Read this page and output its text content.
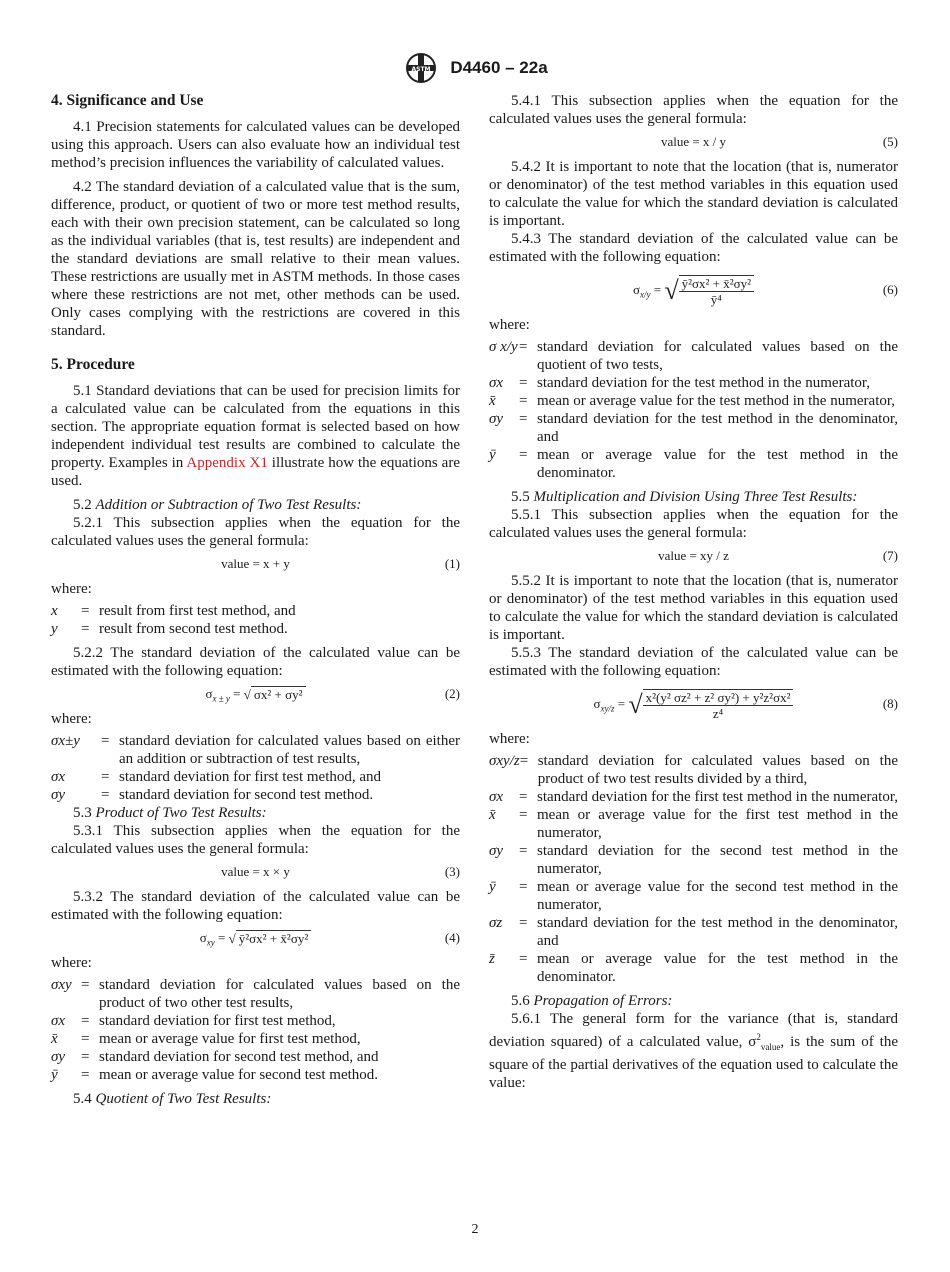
ASTM D4460 – 22a
4. Significance and Use

4.1 Precision statements for calculated values can be developed using this approach. Users can also evaluate how an individual test method’s precision influences the variability of calculated values.

4.2 The standard deviation of a calculated value that is the sum, difference, product, or quotient of two or more test method results, each with their own precision statement, can be calculated so long as the individual variables (that is, test results) are independent and the standard deviations are small relative to their mean values. These restrictions are usually met in ASTM methods. In those cases where these restrictions are not met, other methods can be used. Only cases complying with the restrictions are covered in this standard.

5. Procedure

5.1 Standard deviations that can be used for precision limits for a calculated value can be calculated from the equations in this section. The appropriate equation format is selected based on how independent individual test results are combined to calculate the property. Examples in Appendix X1 illustrate how the equations are used.

5.2 Addition or Subtraction of Two Test Results:

5.2.1 This subsection applies when the equation for the calculated values uses the general formula:

value = x + y	(1)
where:
x	=	result from first test method, and
y	=	result from second test method.

5.2.2 The standard deviation of the calculated value can be estimated with the following equation:

$\sigma_{x \pm y}$ = √ σx² + σy²	(2)
where:
σx±y	=	standard deviation for calculated values based on either an addition or subtraction of test results,
σx	=	standard deviation for first test method, and
σy	=	standard deviation for second test method.

5.3 Product of Two Test Results:

5.3.1 This subsection applies when the equation for the calculated values uses the general formula:

value = x × y	(3)

5.3.2 The standard deviation of the calculated value can be estimated with the following equation:

$\sigma_{xy}$ = √ ȳ²σx² + x̄²σy²	(4)
where:
σxy	=	standard deviation for calculated values based on the product of two other test results,
σx	=	standard deviation for first test method,
x̄	=	mean or average value for first test method,
σy	=	standard deviation for second test method, and
ȳ	=	mean or average value for second test method.

5.4 Quotient of Two Test Results:

5.4.1 This subsection applies when the equation for the calculated values uses the general formula:

value = x / y	(5)

5.4.2 It is important to note that the location (that is, numerator or denominator) of the test method variables in this equation used to calculate the value for which the standard deviation is calculated is important.

5.4.3 The standard deviation of the calculated value can be estimated with the following equation:

$\sigma_{x/y}$ = √ $\frac{\text{ȳ²σx² + x̄²σy²}}{\text{ȳ⁴}}$	(6)
where:
σ x/y	=	standard deviation for calculated values based on the quotient of two tests,
σx	=	standard deviation for the test method in the numerator,
x̄	=	mean or average value for the test method in the numerator,
σy	=	standard deviation for the test method in the denominator, and
ȳ	=	mean or average value for the test method in the denominator.

5.5 Multiplication and Division Using Three Test Results:

5.5.1 This subsection applies when the equation for the calculated values uses the general formula:

value = xy / z	(7)

5.5.2 It is important to note that the location (that is, numerator or denominator) of the test method variables in this equation used to calculate the value for which the standard deviation is calculated is important.

5.5.3 The standard deviation of the calculated value can be estimated with the following equation:

$\sigma_{xy/z}$ = √ $\frac{\text{x²(y² σz² + z² σy²) + y²z²σx²}}{\text{z⁴}}$	(8)
where:
σxy/z	=	standard deviation for calculated values based on the product of two test results divided by a third,
σx	=	standard deviation for the first test method in the numerator,
x̄	=	mean or average value for the first test method in the numerator,
σy	=	standard deviation for the second test method in the numerator,
ȳ	=	mean or average value for the second test method in the numerator,
σz	=	standard deviation for the test method in the denominator, and
z̄	=	mean or average value for the test method in the denominator.

5.6 Propagation of Errors:

5.6.1 The general form for the variance (that is, standard deviation squared) of a calculated value, $\sigma^2_{value}$, is the sum of the square of the partial derivatives of the equation used to calculate the value:

2
